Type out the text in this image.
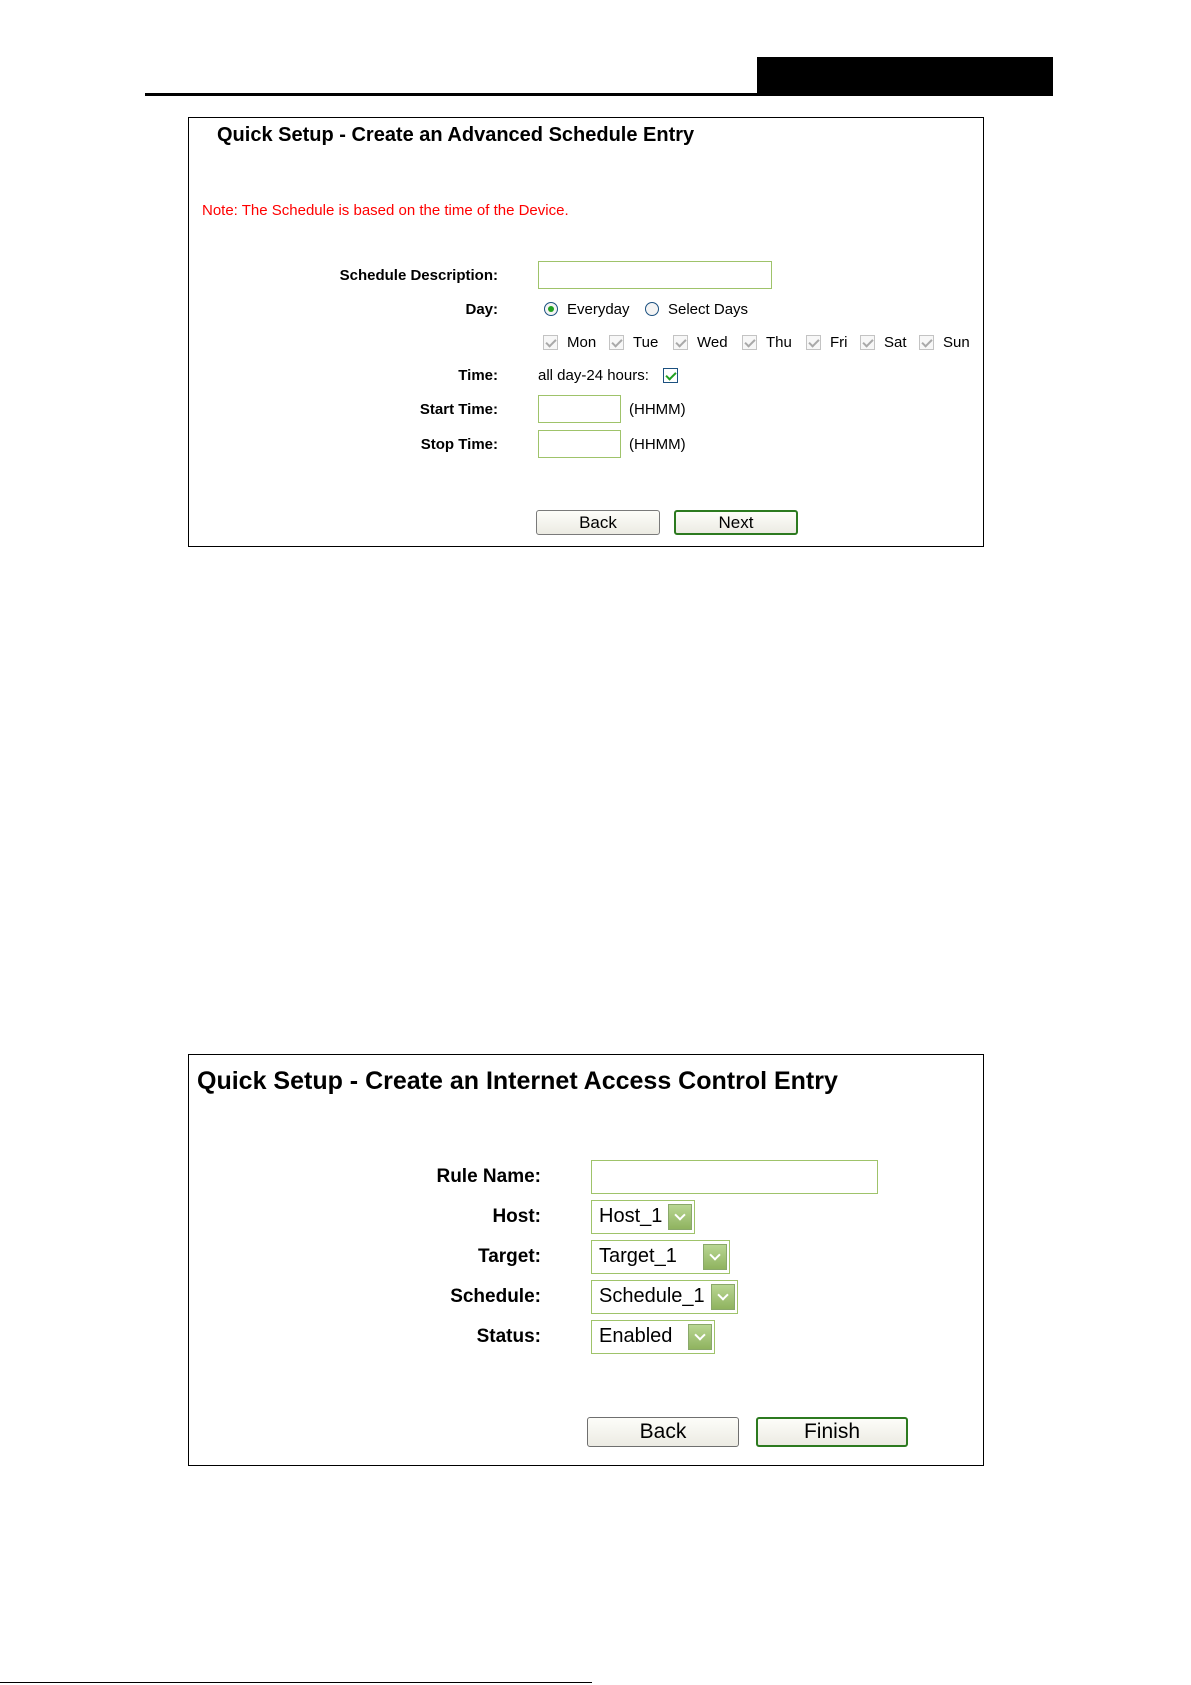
Quick Setup - Create an Advanced Schedule Entry
Note: The Schedule is based on the time of the Device.
Schedule Description:
Day:	Everyday	Select Days
Mon Tue	Wed	Thu	Fri Sat Sun
Time:	all day-24 hours:
Start Time:	(HHMM)
Stop Time:	(HHMM)
Back	Next
Quick Setup - Create an Internet Access Control Entry
Rule Name:
Host:	Host_1
Target:	Target_1
Schedule:	Schedule_1
Status:	Enabled
Back	Finish
